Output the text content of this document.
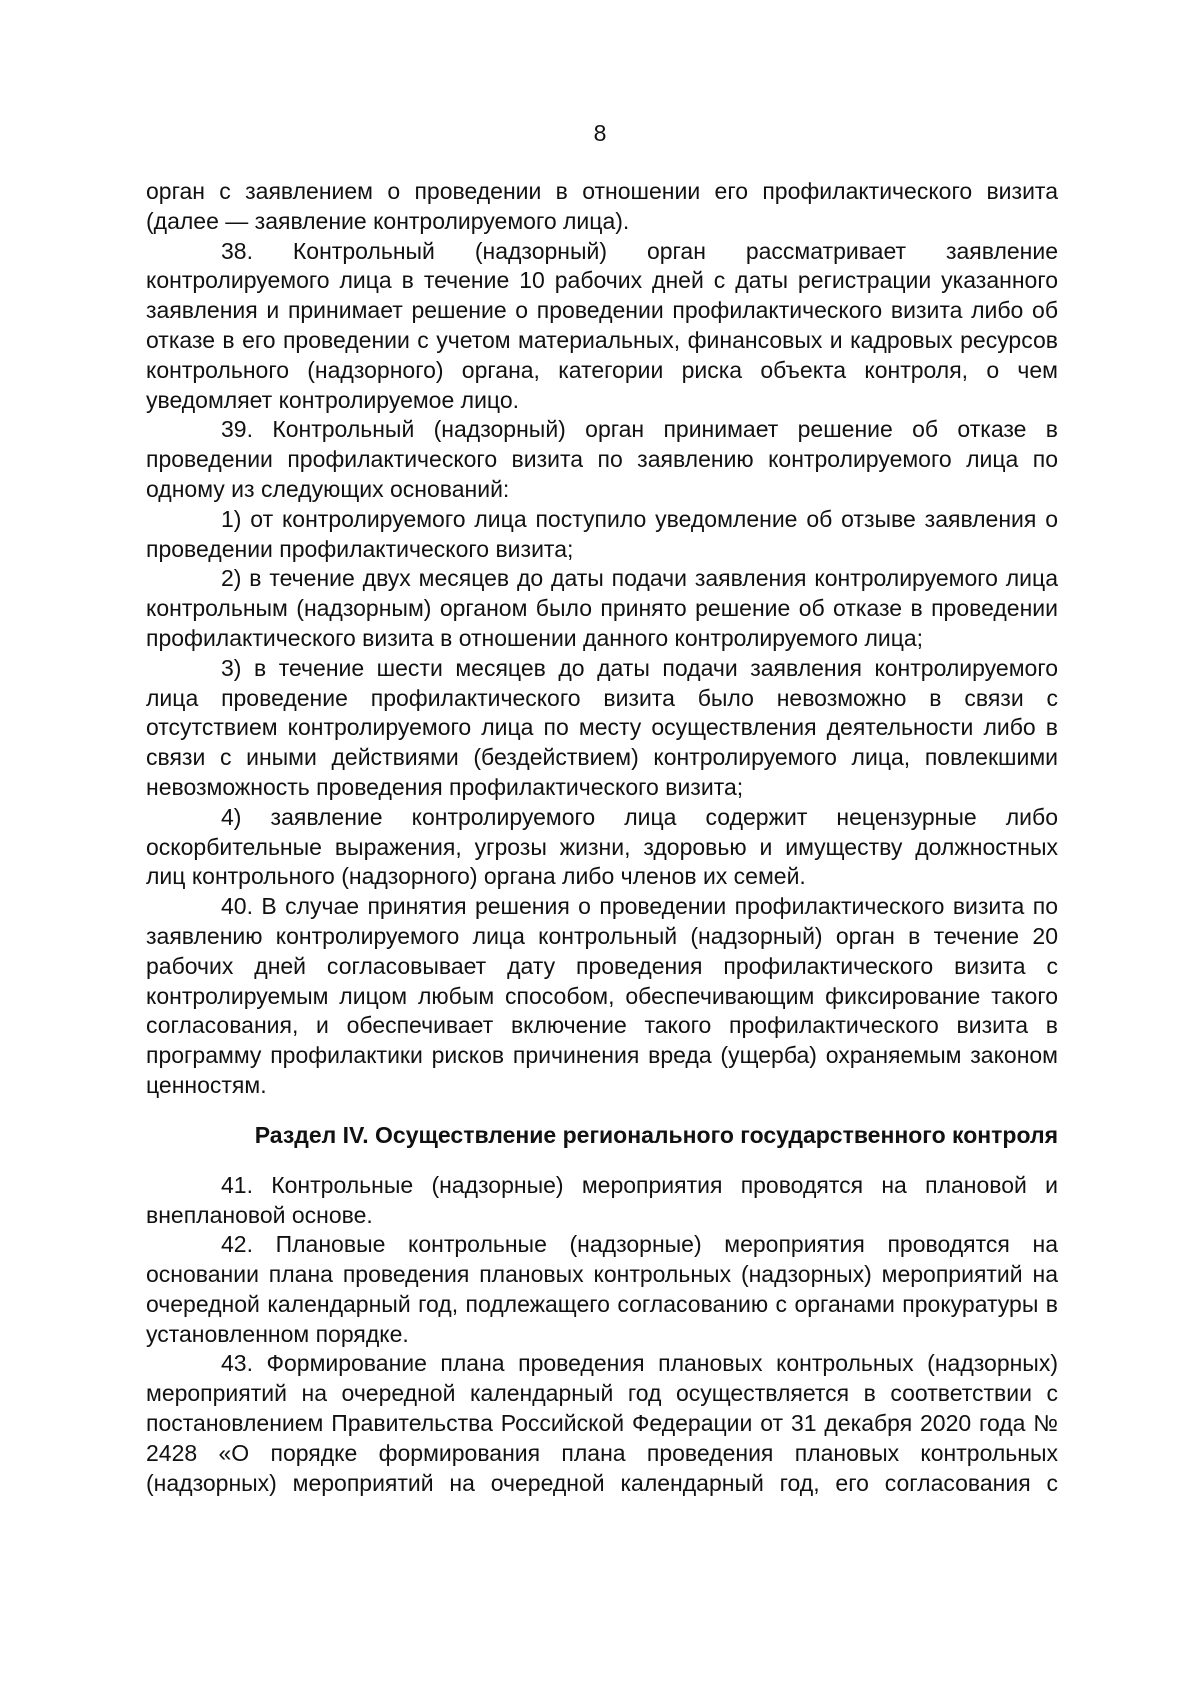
8

орган с заявлением о проведении в отношении его профилактического визита (далее — заявление контролируемого лица).

38. Контрольный (надзорный) орган рассматривает заявление контролируемого лица в течение 10 рабочих дней с даты регистрации указанного заявления и принимает решение о проведении профилактического визита либо об отказе в его проведении с учетом материальных, финансовых и кадровых ресурсов контрольного (надзорного) органа, категории риска объекта контроля, о чем уведомляет контролируемое лицо.

39. Контрольный (надзорный) орган принимает решение об отказе в проведении профилактического визита по заявлению контролируемого лица по одному из следующих оснований:

1) от контролируемого лица поступило уведомление об отзыве заявления о проведении профилактического визита;

2) в течение двух месяцев до даты подачи заявления контролируемого лица контрольным (надзорным) органом было принято решение об отказе в проведении профилактического визита в отношении данного контролируемого лица;

3) в течение шести месяцев до даты подачи заявления контролируемого лица проведение профилактического визита было невозможно в связи с отсутствием контролируемого лица по месту осуществления деятельности либо в связи с иными действиями (бездействием) контролируемого лица, повлекшими невозможность проведения профилактического визита;

4) заявление контролируемого лица содержит нецензурные либо оскорбительные выражения, угрозы жизни, здоровью и имуществу должностных лиц контрольного (надзорного) органа либо членов их семей.

40. В случае принятия решения о проведении профилактического визита по заявлению контролируемого лица контрольный (надзорный) орган в течение 20 рабочих дней согласовывает дату проведения профилактического визита с контролируемым лицом любым способом, обеспечивающим фиксирование такого согласования, и обеспечивает включение такого профилактического визита в программу профилактики рисков причинения вреда (ущерба) охраняемым законом ценностям.

Раздел IV. Осуществление регионального государственного контроля

41. Контрольные (надзорные) мероприятия проводятся на плановой и внеплановой основе.

42. Плановые контрольные (надзорные) мероприятия проводятся на основании плана проведения плановых контрольных (надзорных) мероприятий на очередной календарный год, подлежащего согласованию с органами прокуратуры в установленном порядке.

43. Формирование плана проведения плановых контрольных (надзорных) мероприятий на очередной календарный год осуществляется в соответствии с постановлением Правительства Российской Федерации от 31 декабря 2020 года № 2428 «О порядке формирования плана проведения плановых контрольных (надзорных) мероприятий на очередной календарный год, его согласования с
